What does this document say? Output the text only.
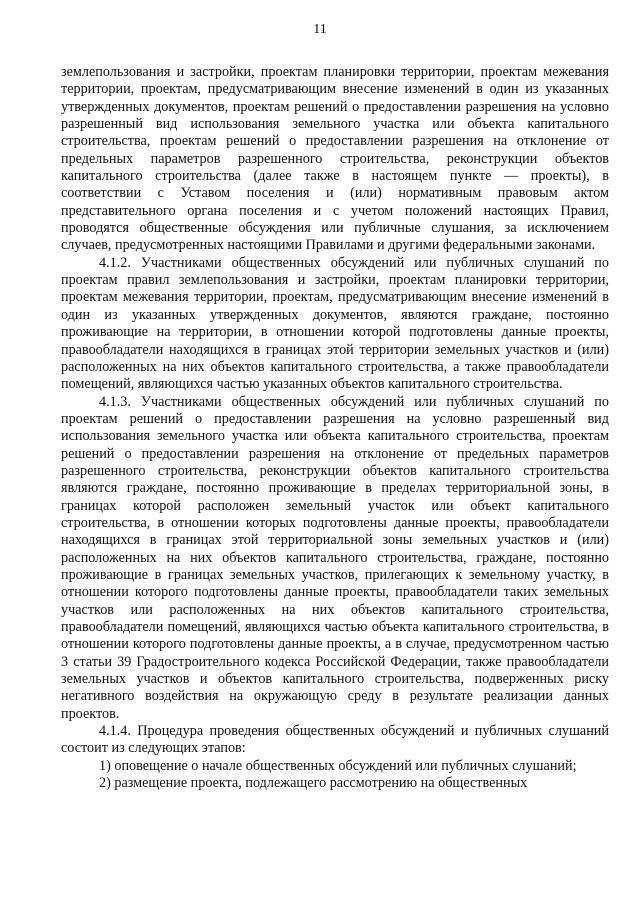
11

землепользования и застройки, проектам планировки территории, проектам межевания территории, проектам, предусматривающим внесение изменений в один из указанных утвержденных документов, проектам решений о предоставлении разрешения на условно разрешенный вид использования земельного участка или объекта капитального строительства, проектам решений о предоставлении разрешения на отклонение от предельных параметров разрешенного строительства, реконструкции объектов капитального строительства (далее также в настоящем пункте — проекты), в соответствии с Уставом поселения и (или) нормативным правовым актом представительного органа поселения и с учетом положений настоящих Правил, проводятся общественные обсуждения или публичные слушания, за исключением случаев, предусмотренных настоящими Правилами и другими федеральными законами.

4.1.2. Участниками общественных обсуждений или публичных слушаний по проектам правил землепользования и застройки, проектам планировки территории, проектам межевания территории, проектам, предусматривающим внесение изменений в один из указанных утвержденных документов, являются граждане, постоянно проживающие на территории, в отношении которой подготовлены данные проекты, правообладатели находящихся в границах этой территории земельных участков и (или) расположенных на них объектов капитального строительства, а также правообладатели помещений, являющихся частью указанных объектов капитального строительства.

4.1.3. Участниками общественных обсуждений или публичных слушаний по проектам решений о предоставлении разрешения на условно разрешенный вид использования земельного участка или объекта капитального строительства, проектам решений о предоставлении разрешения на отклонение от предельных параметров разрешенного строительства, реконструкции объектов капитального строительства являются граждане, постоянно проживающие в пределах территориальной зоны, в границах которой расположен земельный участок или объект капитального строительства, в отношении которых подготовлены данные проекты, правообладатели находящихся в границах этой территориальной зоны земельных участков и (или) расположенных на них объектов капитального строительства, граждане, постоянно проживающие в границах земельных участков, прилегающих к земельному участку, в отношении которого подготовлены данные проекты, правообладатели таких земельных участков или расположенных на них объектов капитального строительства, правообладатели помещений, являющихся частью объекта капитального строительства, в отношении которого подготовлены данные проекты, а в случае, предусмотренном частью 3 статьи 39 Градостроительного кодекса Российской Федерации, также правообладатели земельных участков и объектов капитального строительства, подверженных риску негативного воздействия на окружающую среду в результате реализации данных проектов.

4.1.4. Процедура проведения общественных обсуждений и публичных слушаний состоит из следующих этапов:

1) оповещение о начале общественных обсуждений или публичных слушаний;

2) размещение проекта, подлежащего рассмотрению на общественных
